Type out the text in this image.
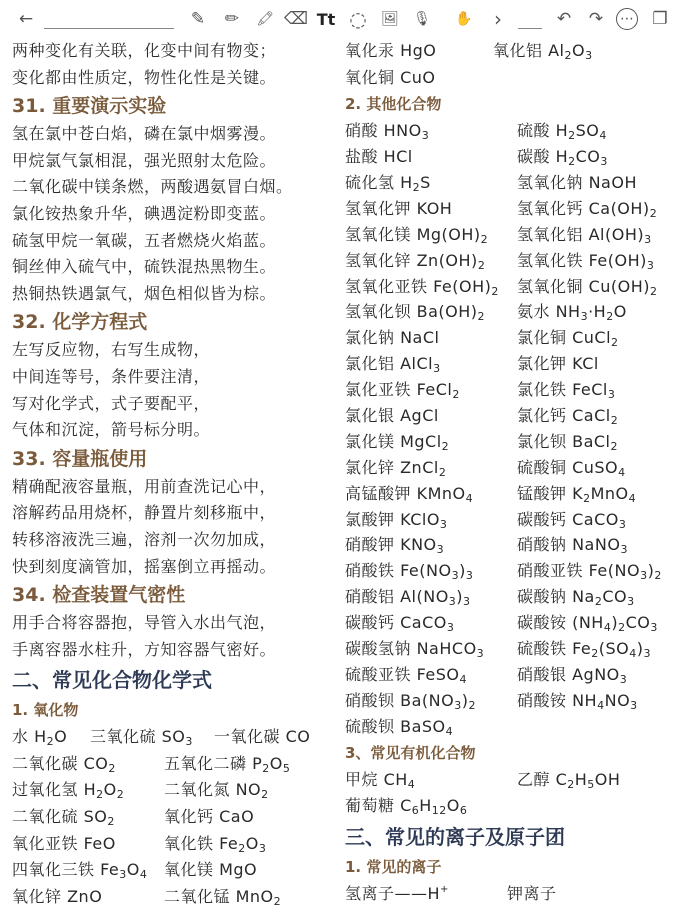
←	✎ ✏	🖍 ⌫ Tt ◌ 🖼 🎙 ✋	›	↶ ↷	⋯ ❐
两种变化有关联，化变中间有物变；
变化都由性质定，物性化性是关键。
31. 重要演示实验
氢在氯中苍白焰，磷在氯中烟雾漫。
甲烷氯气氯相混，强光照射太危险。
二氧化碳中镁条燃，两酸遇氨冒白烟。
氯化铵热象升华，碘遇淀粉即变蓝。
硫氢甲烷一氧碳，五者燃烧火焰蓝。
铜丝伸入硫气中，硫铁混热黑物生。
热铜热铁遇氯气，烟色相似皆为棕。
32. 化学方程式
左写反应物，右写生成物，
中间连等号，条件要注清，
写对化学式，式子要配平，
气体和沉淀，箭号标分明。
33. 容量瓶使用
精确配液容量瓶，用前查洗记心中，
溶解药品用烧杯，静置片刻移瓶中，
转移溶液洗三遍，溶剂一次勿加成，
快到刻度滴管加，摇塞倒立再摇动。
34. 检查装置气密性
用手合将容器抱，导管入水出气泡，
手离容器水柱升，方知容器气密好。
二、常见化合物化学式
1. 氧化物
水 $H_2O$	三氧化硫 $SO_3$	一氧化碳 CO
二氧化碳 $CO_2$	五氧化二磷 $P_2O_5$
过氧化氢 $H_2O_2$	二氧化氮 $NO_2$
二氧化硫 $SO_2$	氧化钙 CaO
氧化亚铁 FeO	氧化铁 $Fe_2O_3$
四氧化三铁 $Fe_3O_4$	氧化镁 MgO
氧化锌 ZnO	二氧化锰 MnO$_2$
氧化汞 HgO	氧化铝 $Al_2O_3$
氧化铜 CuO
2. 其他化合物
硝酸 $HNO_3$	硫酸 $H_2SO_4$
盐酸 HCl	碳酸 $H_2CO_3$
硫化氢 $H_2S$	氢氧化钠 NaOH
氢氧化钾 KOH	氢氧化钙 $Ca(OH)_2$
氢氧化镁 $Mg(OH)_2$	氢氧化铝 $Al(OH)_3$
氢氧化锌 $Zn(OH)_2$	氢氧化铁 $Fe(OH)_3$
氢氧化亚铁 $Fe(OH)_2$	氢氧化铜 $Cu(OH)_2$
氢氧化钡 $Ba(OH)_2$	氨水 $NH_3\cdot H_2O$
氯化钠 NaCl	氯化铜 CuCl$_2$
氯化铝 AlCl$_3$	氯化钾 KCl
氯化亚铁 FeCl$_2$	氯化铁 FeCl$_3$
氯化银 AgCl	氯化钙 CaCl$_2$
氯化镁 MgCl$_2$	氯化钡 BaCl$_2$
氯化锌 ZnCl$_2$	硫酸铜 CuSO$_4$
高锰酸钾 KMnO$_4$	锰酸钾 $K_2MnO_4$
氯酸钾 KClO$_3$	碳酸钙 CaCO$_3$
硝酸钾 $KNO_3$	硝酸钠 NaNO$_3$
硝酸铁 $Fe(NO_3)_3$	硝酸亚铁 $Fe(NO_3)_2$
硝酸铝 $Al(NO_3)_3$	碳酸钠 $Na_2CO_3$
碳酸钙 CaCO$_3$	碳酸铵 $(NH_4)_2CO_3$
碳酸氢钠 NaHCO$_3$	硫酸铁 $Fe_2(SO_4)_3$
硫酸亚铁 FeSO$_4$	硝酸银 AgNO$_3$
硝酸钡 $Ba(NO_3)_2$	硝酸铵 $NH_4NO_3$
硫酸钡 BaSO$_4$
3、常见有机化合物
甲烷 $CH_4$	乙醇 $C_2H_5OH$
葡萄糖 $C_6H_{12}O_6$
三、常见的离子及原子团
1. 常见的离子
氢离子——H+	钾离子
